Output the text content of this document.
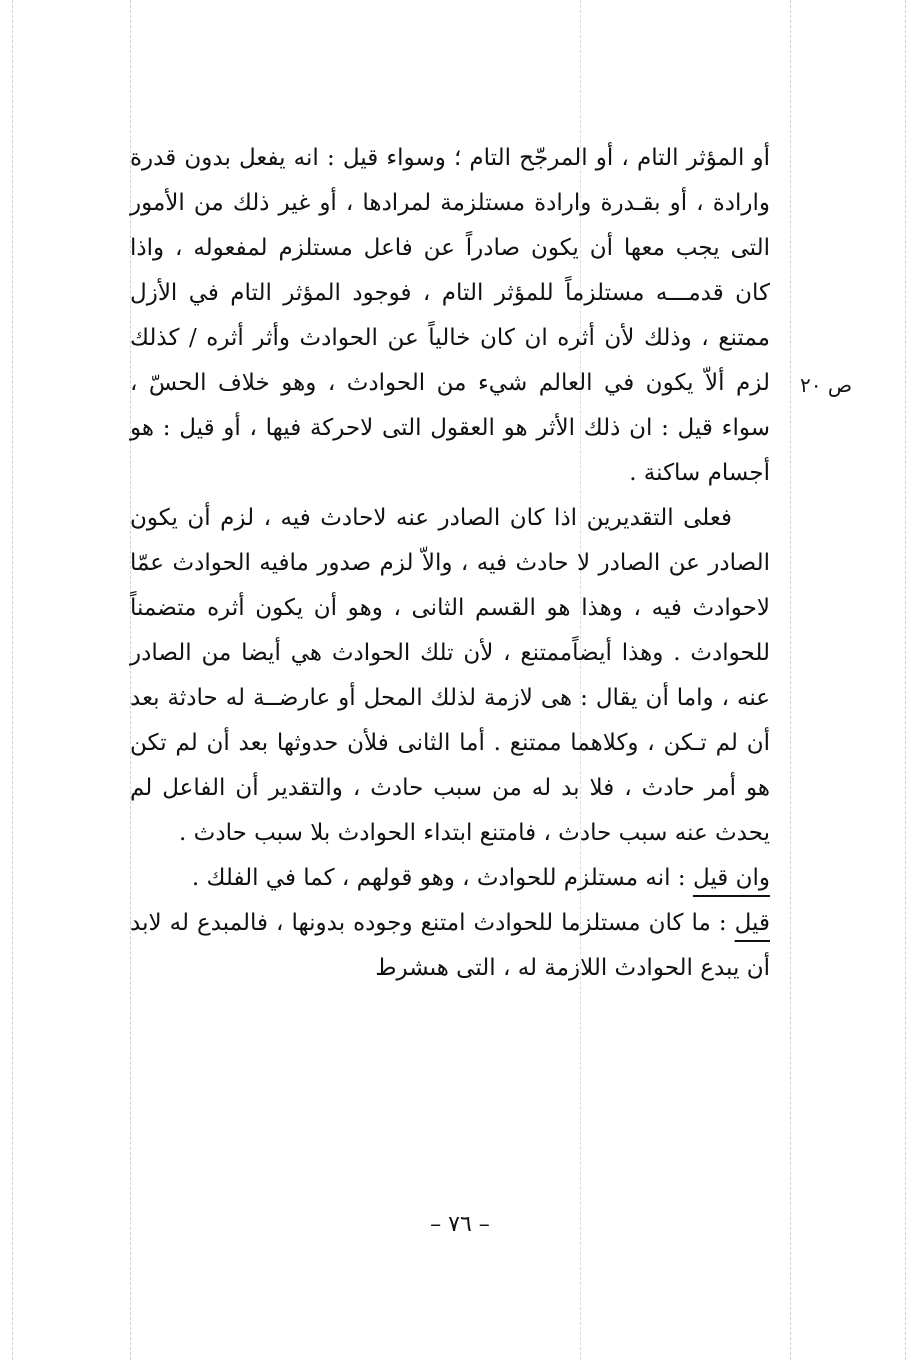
ص ٢٠

أو المؤثر التام ، أو المرجّح التام ؛ وسواء قيل : انه يفعل بدون قدرة وارادة ، أو بقـدرة وارادة مستلزمة لمرادها ، أو غير ذلك من الأمور التى يجب معها أن يكون صادراً عن فاعل مستلزم لمفعوله ، واذا كان قدمـــه مستلزماً للمؤثر التام ، فوجود المؤثر التام في الأزل ممتنع ، وذلك لأن أثره ان كان خالياً عن الحوادث وأثر أثره / كذلك لزم ألاّ يكون في العالم شيء من الحوادث ، وهو خلاف الحسّ ، سواء قيل : ان ذلك الأثر هو العقول التى لاحركة فيها ، أو قيل : هو أجسام ساكنة .

فعلى التقديرين اذا كان الصادر عنه لاحادث فيه ، لزم أن يكون الصادر عن الصادر لا حادث فيه ، والاّ لزم صدور مافيه الحوادث عمّا لاحوادث فيه ، وهذا هو القسم الثانى ، وهو أن يكون أثره متضمناً للحوادث . وهذا أيضاًممتنع ، لأن تلك الحوادث هي أيضا من الصادر عنه ، واما أن يقال : هى لازمة لذلك المحل أو عارضــة له حادثة بعد أن لم تـكن ، وكلاهما ممتنع . أما الثانى فلأن حدوثها بعد أن لم تكن هو أمر حادث ، فلا بد له من سبب حادث ، والتقدير أن الفاعل لم يحدث عنه سبب حادث ، فامتنع ابتداء الحوادث بلا سبب حادث .

وان قيل : انه مستلزم للحوادث ، وهو قولهم ، كما في الفلك .

قيل : ما كان مستلزما للحوادث امتنع وجوده بدونها ، فالمبدع له لابد أن يبدع الحوادث اللازمة له ، التى هىشرط

– ٧٦ –
